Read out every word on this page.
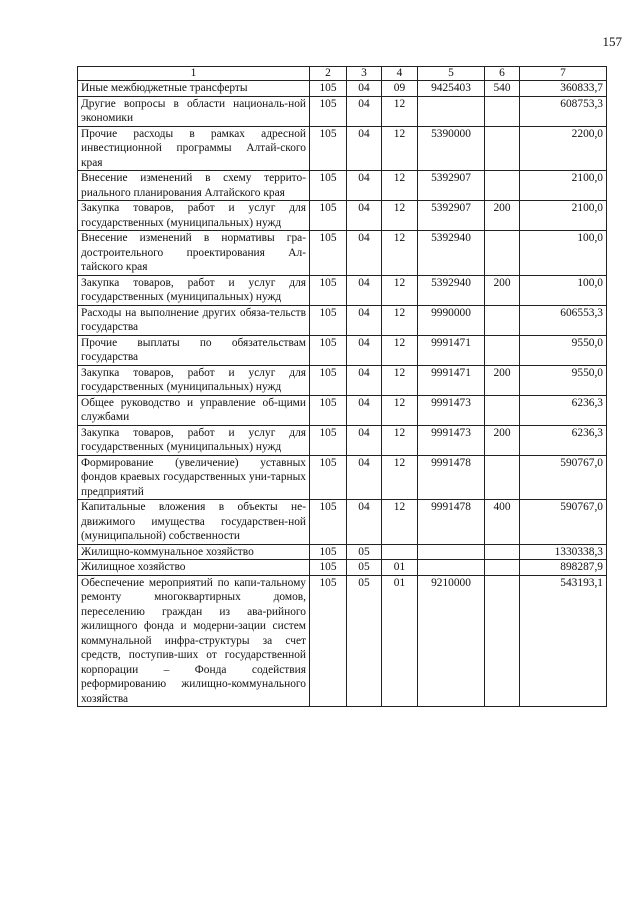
157
1	2	3	4	5	6	7
Иные межбюджетные трансферты	105	04	09	9425403	540	360833,7
Другие вопросы в области националь-ной экономики	105	04	12			608753,3
Прочие расходы в рамках адресной инвестиционной программы Алтай-ского края	105	04	12	5390000		2200,0
Внесение изменений в схему террито-риального планирования Алтайского края	105	04	12	5392907		2100,0
Закупка товаров, работ и услуг для государственных (муниципальных) нужд	105	04	12	5392907	200	2100,0
Внесение изменений в нормативы гра-достроительного проектирования Ал-тайского края	105	04	12	5392940		100,0
Закупка товаров, работ и услуг для государственных (муниципальных) нужд	105	04	12	5392940	200	100,0
Расходы на выполнение других обяза-тельств государства	105	04	12	9990000		606553,3
Прочие выплаты по обязательствам государства	105	04	12	9991471		9550,0
Закупка товаров, работ и услуг для государственных (муниципальных) нужд	105	04	12	9991471	200	9550,0
Общее руководство и управление об-щими службами	105	04	12	9991473		6236,3
Закупка товаров, работ и услуг для государственных (муниципальных) нужд	105	04	12	9991473	200	6236,3
Формирование (увеличение) уставных фондов краевых государственных уни-тарных предприятий	105	04	12	9991478		590767,0
Капитальные вложения в объекты не-движимого имущества государствен-ной (муниципальной) собственности	105	04	12	9991478	400	590767,0
Жилищно-коммунальное хозяйство	105	05				1330338,3
Жилищное хозяйство	105	05	01			898287,9
Обеспечение мероприятий по капи-тальному ремонту многоквартирных домов, переселению граждан из ава-рийного жилищного фонда и модерни-зации систем коммунальной инфра-структуры за счет средств, поступив-ших от государственной корпорации – Фонда содействия реформированию жилищно-коммунального хозяйства	105	05	01	9210000		543193,1
